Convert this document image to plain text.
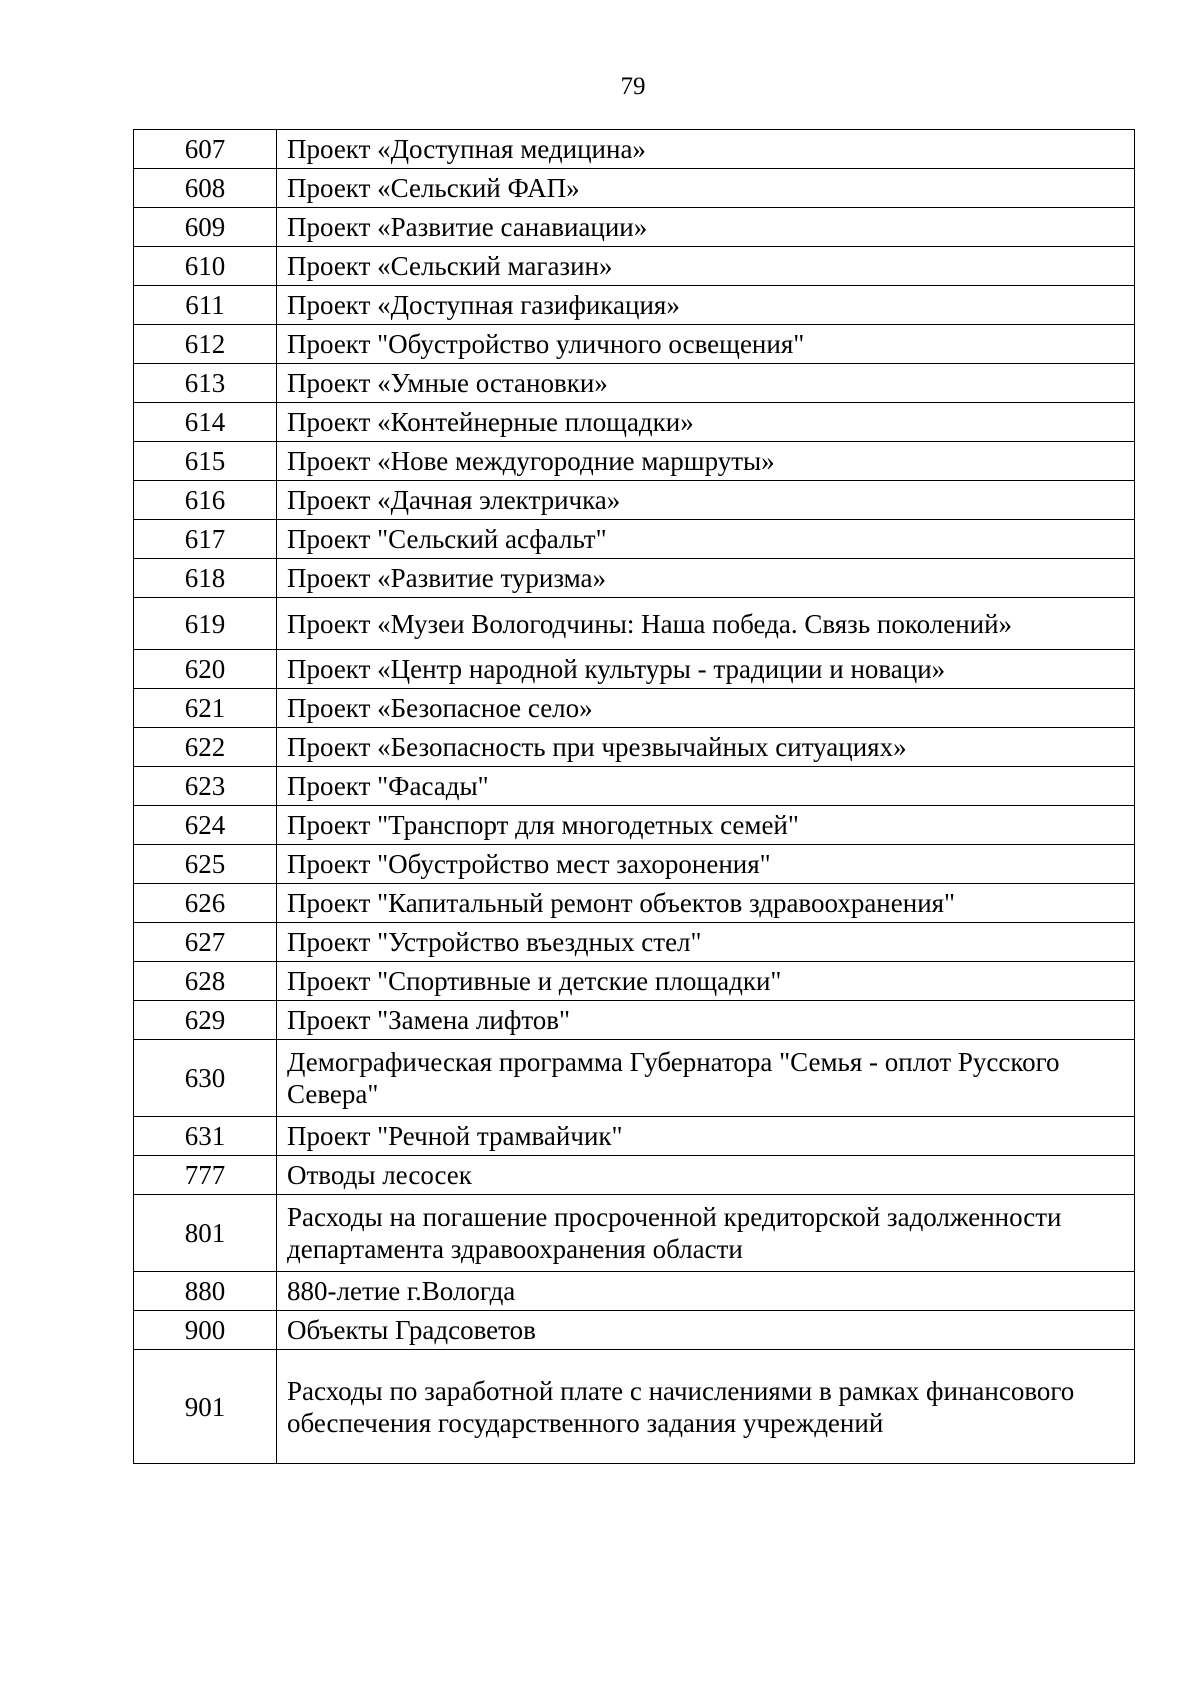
79
607	Проект «Доступная медицина»
608	Проект «Сельский ФАП»
609	Проект «Развитие санавиации»
610	Проект «Сельский магазин»
611	Проект «Доступная газификация»
612	Проект "Обустройство уличного освещения"
613	Проект «Умные остановки»
614	Проект «Контейнерные площадки»
615	Проект «Нове междугородние маршруты»
616	Проект «Дачная электричка»
617	Проект "Сельский асфальт"
618	Проект «Развитие туризма»
619	Проект «Музеи Вологодчины: Наша победа. Связь поколений»
620	Проект «Центр народной культуры - традиции и новаци»
621	Проект «Безопасное село»
622	Проект «Безопасность при чрезвычайных ситуациях»
623	Проект "Фасады"
624	Проект "Транспорт для многодетных семей"
625	Проект "Обустройство мест захоронения"
626	Проект "Капитальный ремонт объектов здравоохранения"
627	Проект "Устройство въездных стел"
628	Проект "Спортивные и детские площадки"
629	Проект "Замена лифтов"
630	Демографическая программа Губернатора "Семья - оплот Русского Севера"
631	Проект "Речной трамвайчик"
777	Отводы лесосек
801	Расходы на погашение просроченной кредиторской задолженности департамента здравоохранения области
880	880-летие г.Вологда
900	Объекты Градсоветов
901	Расходы по заработной плате с начислениями в рамках финансового обеспечения государственного задания учреждений
